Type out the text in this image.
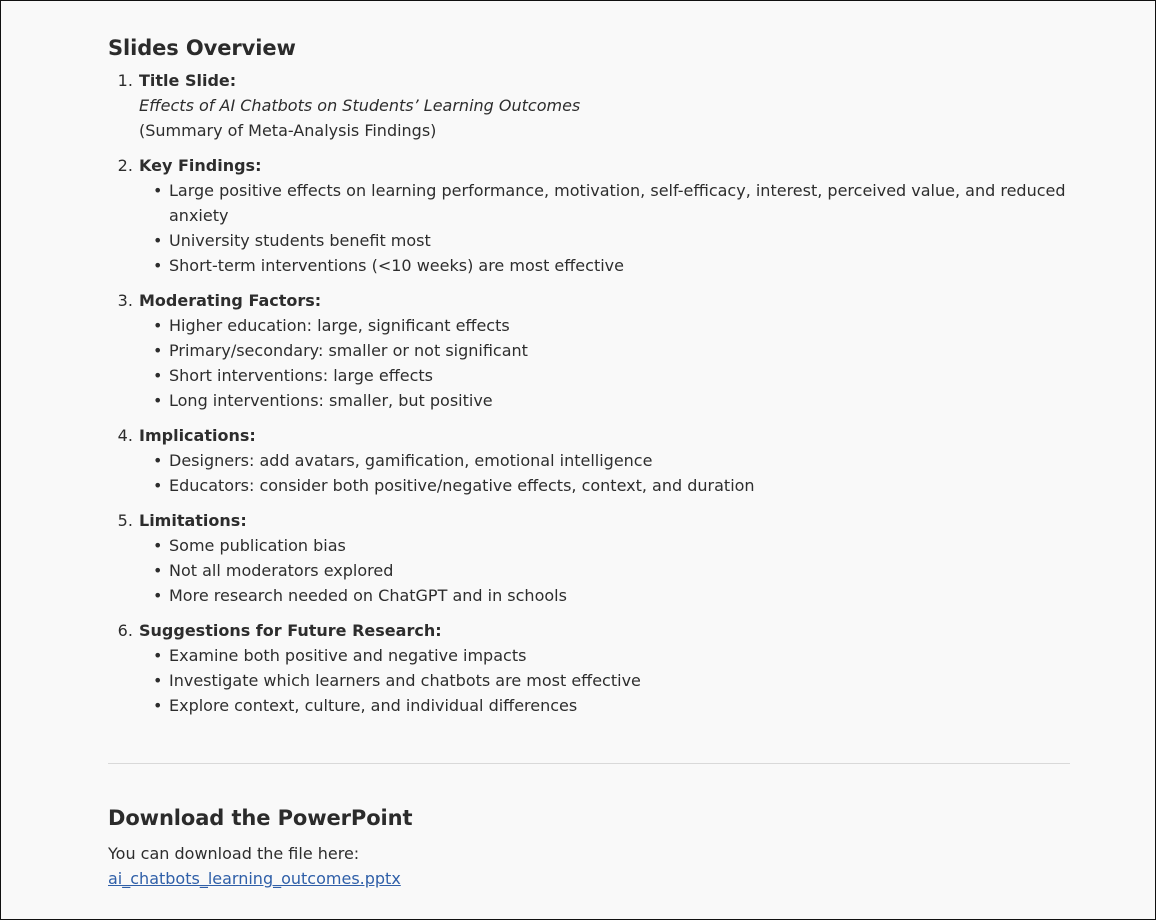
Slides Overview
1. Title Slide:
Effects of AI Chatbots on Students’ Learning Outcomes
(Summary of Meta-Analysis Findings)
2. Key Findings:
• Large positive effects on learning performance, motivation, self-efficacy, interest, perceived value, and reduced anxiety
• University students benefit most
• Short-term interventions (<10 weeks) are most effective
3. Moderating Factors:
• Higher education: large, significant effects
• Primary/secondary: smaller or not significant
• Short interventions: large effects
• Long interventions: smaller, but positive
4. Implications:
• Designers: add avatars, gamification, emotional intelligence
• Educators: consider both positive/negative effects, context, and duration
5. Limitations:
• Some publication bias
• Not all moderators explored
• More research needed on ChatGPT and in schools
6. Suggestions for Future Research:
• Examine both positive and negative impacts
• Investigate which learners and chatbots are most effective
• Explore context, culture, and individual differences
Download the PowerPoint
You can download the file here:
ai_chatbots_learning_outcomes.pptx
